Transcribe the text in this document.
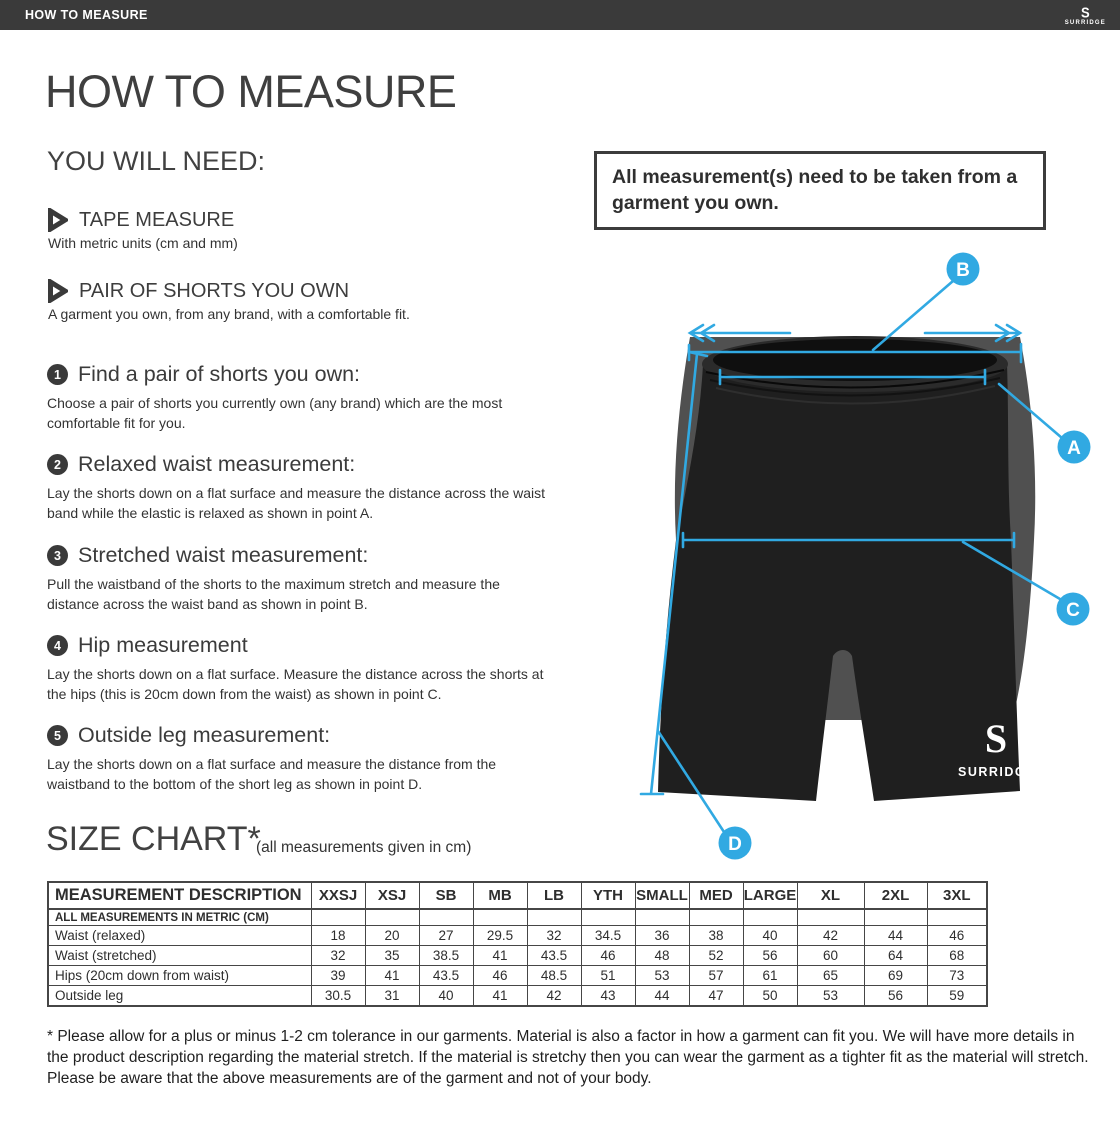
HOW TO MEASURE	S
SURRIDGE
HOW TO MEASURE
YOU WILL NEED:
TAPE MEASURE
With metric units (cm and mm)
PAIR OF SHORTS YOU OWN
A garment you own, from any brand, with a comfortable fit.
1 Find a pair of shorts you own:
Choose a pair of shorts you currently own (any brand) which are the most comfortable fit for you.
2 Relaxed waist measurement:
Lay the shorts down on a flat surface and measure the distance across the waist band while the elastic is relaxed as shown in point A.
3 Stretched waist measurement:
Pull the waistband of the shorts to the maximum stretch and measure the distance across the waist band as shown in point B.
4 Hip measurement
Lay the shorts down on a flat surface. Measure the distance across the shorts at the hips (this is 20cm down from the waist) as shown in point C.
5 Outside leg measurement:
Lay the shorts down on a flat surface and measure the distance from the waistband to the bottom of the short leg as shown in point D.
All measurement(s) need to be taken from a garment you own.
S
SURRIDGE
B
A
C
D
SIZE CHART*
(all measurements given in cm)
MEASUREMENT DESCRIPTION	XXSJ	XSJ	SB	MB	LB	YTH	SMALL	MED	LARGE	XL	2XL	3XL
ALL MEASUREMENTS IN METRIC (CM)												
Waist (relaxed)	18	20	27	29.5	32	34.5	36	38	40	42	44	46
Waist (stretched)	32	35	38.5	41	43.5	46	48	52	56	60	64	68
Hips (20cm down from waist)	39	41	43.5	46	48.5	51	53	57	61	65	69	73
Outside leg	30.5	31	40	41	42	43	44	47	50	53	56	59
* Please allow for a plus or minus 1-2 cm tolerance in our garments. Material is also a factor in how a garment can fit you. We will have more details in the product description regarding the material stretch. If the material is stretchy then you can wear the garment as a tighter fit as the material will stretch. Please be aware that the above measurements are of the garment and not of your body.
